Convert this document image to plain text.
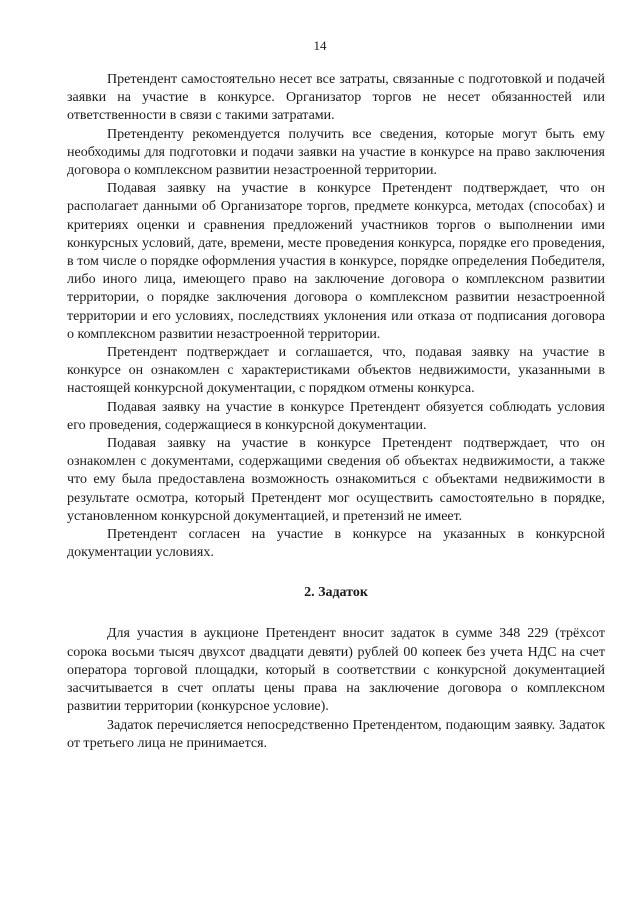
14

Претендент самостоятельно несет все затраты, связанные с подготовкой и подачей заявки на участие в конкурсе. Организатор торгов не несет обязанностей или ответственности в связи с такими затратами.

Претенденту рекомендуется получить все сведения, которые могут быть ему необходимы для подготовки и подачи заявки на участие в конкурсе на право заключения договора о комплексном развитии незастроенной территории.

Подавая заявку на участие в конкурсе Претендент подтверждает, что он располагает данными об Организаторе торгов, предмете конкурса, методах (способах) и критериях оценки и сравнения предложений участников торгов о выполнении ими конкурсных условий, дате, времени, месте проведения конкурса, порядке его проведения, в том числе о порядке оформления участия в конкурсе, порядке определения Победителя, либо иного лица, имеющего право на заключение договора о комплексном развитии территории, о порядке заключения договора о комплексном развитии незастроенной территории и его условиях, последствиях уклонения или отказа от подписания договора о комплексном развитии незастроенной территории.

Претендент подтверждает и соглашается, что, подавая заявку на участие в конкурсе он ознакомлен с характеристиками объектов недвижимости, указанными в настоящей конкурсной документации, с порядком отмены конкурса.

Подавая заявку на участие в конкурсе Претендент обязуется соблюдать условия его проведения, содержащиеся в конкурсной документации.

Подавая заявку на участие в конкурсе Претендент подтверждает, что он ознакомлен с документами, содержащими сведения об объектах недвижимости, а также что ему была предоставлена возможность ознакомиться с объектами недвижимости в результате осмотра, который Претендент мог осуществить самостоятельно в порядке, установленном конкурсной документацией, и претензий не имеет.

Претендент согласен на участие в конкурсе на указанных в конкурсной документации условиях.

2. Задаток

Для участия в аукционе Претендент вносит задаток в сумме 348 229 (трёхсот сорока восьми тысяч двухсот двадцати девяти) рублей 00 копеек без учета НДС на счет оператора торговой площадки, который в соответствии с конкурсной документацией засчитывается в счет оплаты цены права на заключение договора о комплексном развитии территории (конкурсное условие).

Задаток перечисляется непосредственно Претендентом, подающим заявку. Задаток от третьего лица не принимается.
